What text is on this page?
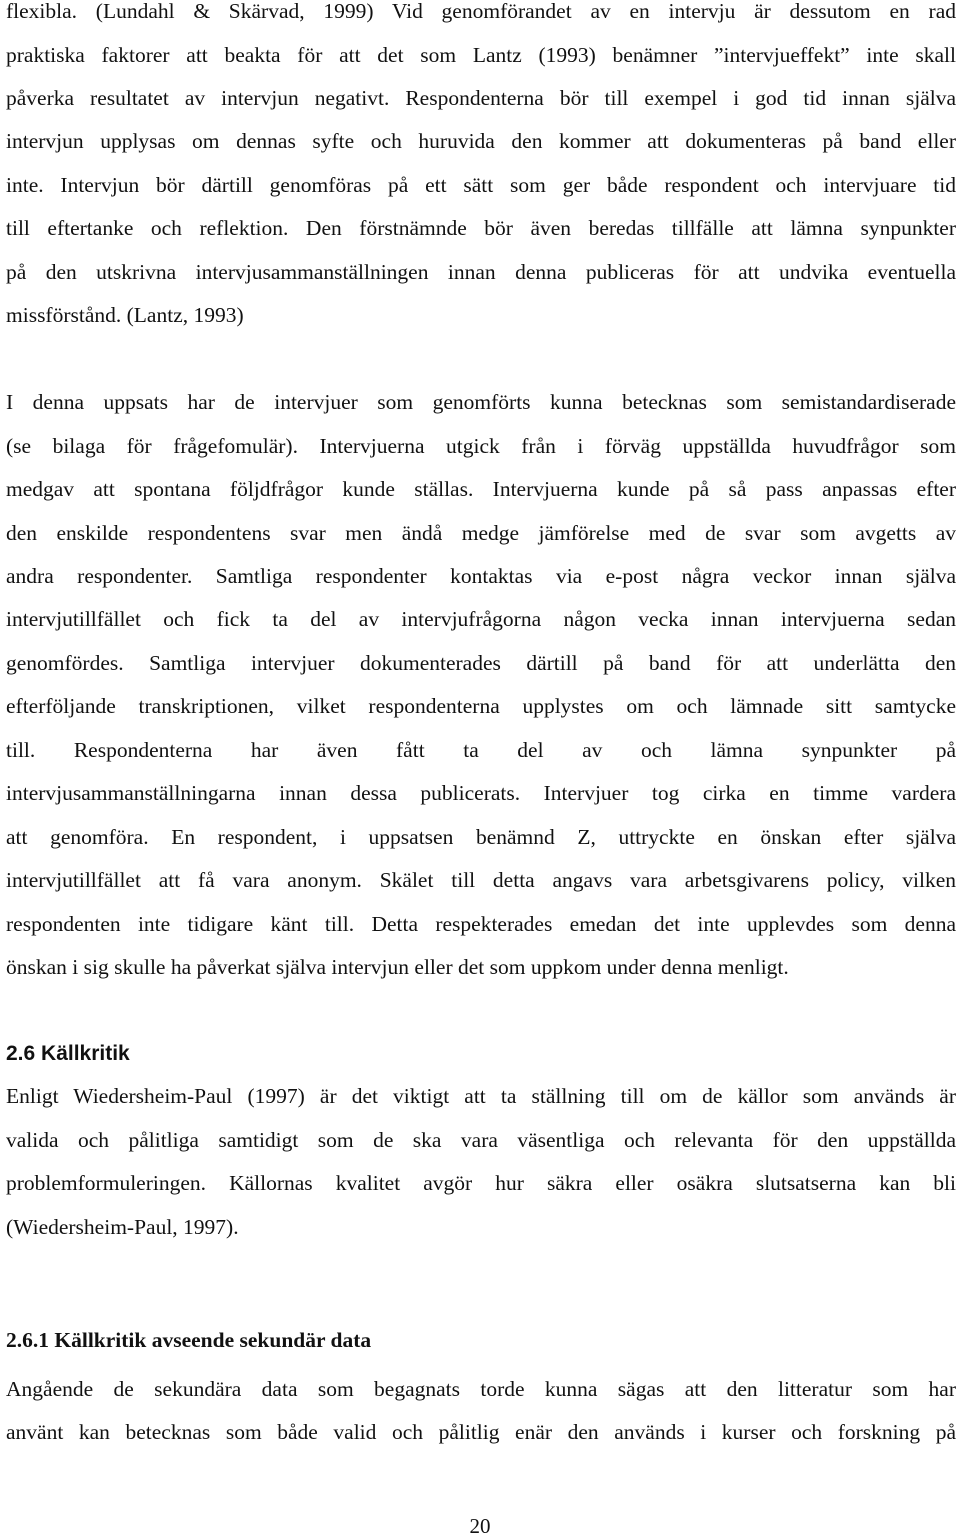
flexibla. (Lundahl & Skärvad, 1999) Vid genomförandet av en intervju är dessutom en rad
praktiska faktorer att beakta för att det som Lantz (1993) benämner ”intervjueffekt” inte skall
påverka resultatet av intervjun negativt. Respondenterna bör till exempel i god tid innan själva
intervjun upplysas om dennas syfte och huruvida den kommer att dokumenteras på band eller
inte. Intervjun bör därtill genomföras på ett sätt som ger både respondent och intervjuare tid
till eftertanke och reflektion. Den förstnämnde bör även beredas tillfälle att lämna synpunkter
på den utskrivna intervjusammanställningen innan denna publiceras för att undvika eventuella
missförstånd. (Lantz, 1993)
I denna uppsats har de intervjuer som genomförts kunna betecknas som semistandardiserade
(se bilaga för frågefomulär). Intervjuerna utgick från i förväg uppställda huvudfrågor som
medgav att spontana följdfrågor kunde ställas. Intervjuerna kunde på så pass anpassas efter
den enskilde respondentens svar men ändå medge jämförelse med de svar som avgetts av
andra respondenter. Samtliga respondenter kontaktas via e-post några veckor innan själva
intervjutillfället och fick ta del av intervjufrågorna någon vecka innan intervjuerna sedan
genomfördes. Samtliga intervjuer dokumenterades därtill på band för att underlätta den
efterföljande transkriptionen, vilket respondenterna upplystes om och lämnade sitt samtycke
till. Respondenterna har även fått ta del av och lämna synpunkter på
intervjusammanställningarna innan dessa publicerats. Intervjuer tog cirka en timme vardera
att genomföra. En respondent, i uppsatsen benämnd Z, uttryckte en önskan efter själva
intervjutillfället att få vara anonym. Skälet till detta angavs vara arbetsgivarens policy, vilken
respondenten inte tidigare känt till. Detta respekterades emedan det inte upplevdes som denna
önskan i sig skulle ha påverkat själva intervjun eller det som uppkom under denna menligt.
2.6 Källkritik
Enligt Wiedersheim-Paul (1997) är det viktigt att ta ställning till om de källor som används är
valida och pålitliga samtidigt som de ska vara väsentliga och relevanta för den uppställda
problemformuleringen. Källornas kvalitet avgör hur säkra eller osäkra slutsatserna kan bli
(Wiedersheim-Paul, 1997).
2.6.1 Källkritik avseende sekundär data
Angående de sekundära data som begagnats torde kunna sägas att den litteratur som har
använt kan betecknas som både valid och pålitlig enär den används i kurser och forskning på
20
